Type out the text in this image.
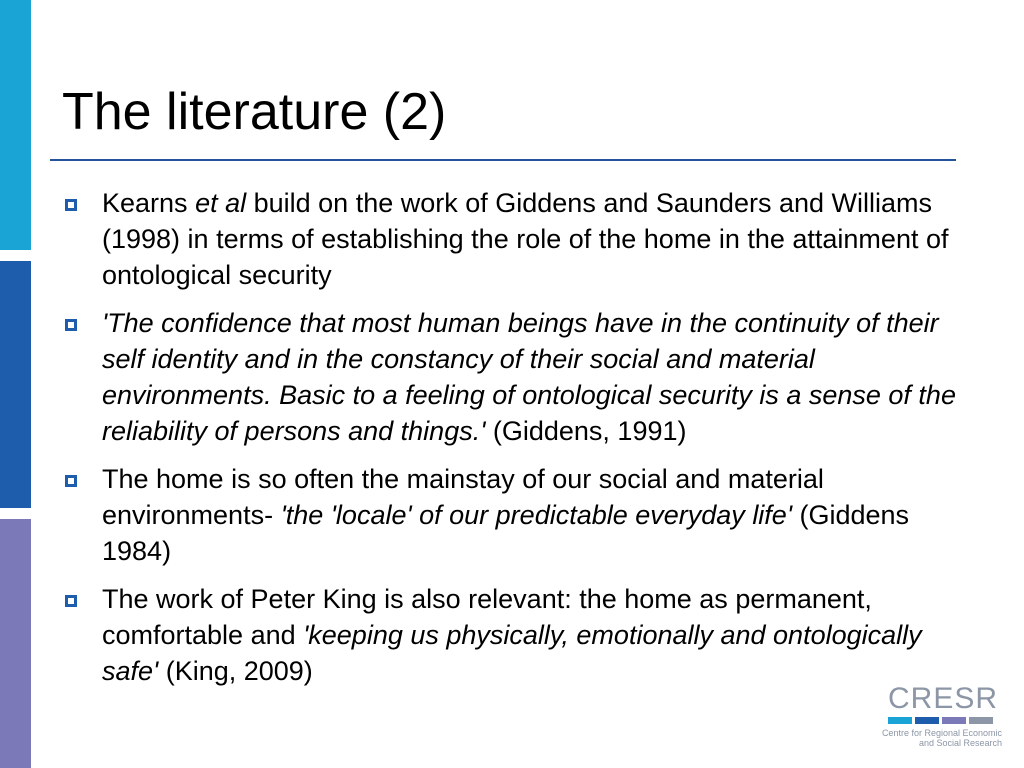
The literature (2)
Kearns et al build on the work of Giddens and Saunders and Williams (1998) in terms of establishing the role of the home in the attainment of ontological security
'The confidence that most human beings have in the continuity of their self identity and in the constancy of their social and material environments. Basic to a feeling of ontological security is a sense of the reliability of persons and things.' (Giddens, 1991)
The home is so often the mainstay of our social and material environments- 'the 'locale' of our predictable everyday life' (Giddens 1984)
The work of Peter King is also relevant: the home as permanent, comfortable and 'keeping us physically, emotionally and ontologically safe' (King, 2009)
CRESR
Centre for Regional Economic
and Social Research
